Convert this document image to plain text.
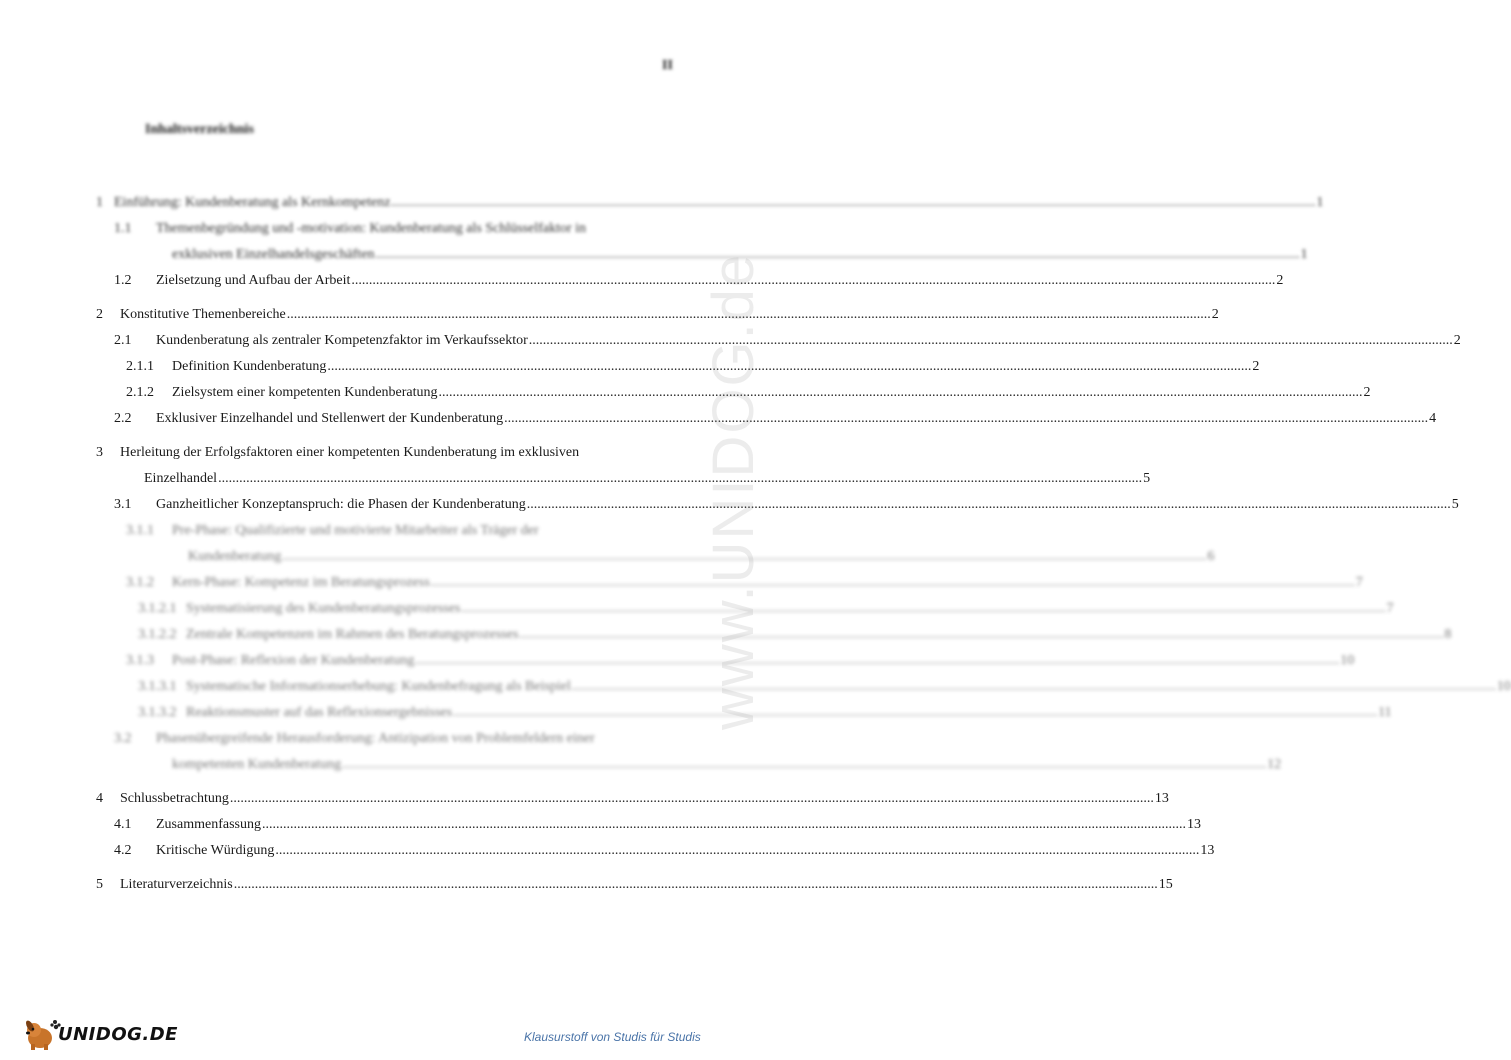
II
Inhaltsverzeichnis
1 Einführung: Kundenberatung als Kernkompetenz .....	1
1.1 Themenbegründung und -motivation: Kundenberatung als Schlüsselfaktor in
exklusiven Einzelhandelsgeschäften .....	1
1.2 Zielsetzung und Aufbau der Arbeit .....	2
2 Konstitutive Themenbereiche .....	2
2.1 Kundenberatung als zentraler Kompetenzfaktor im Verkaufssektor .....	2
2.1.1 Definition Kundenberatung .....	2
2.1.2 Zielsystem einer kompetenten Kundenberatung .....	2
2.2 Exklusiver Einzelhandel und Stellenwert der Kundenberatung .....	4
3 Herleitung der Erfolgsfaktoren einer kompetenten Kundenberatung im exklusiven
Einzelhandel .....	5
3.1 Ganzheitlicher Konzeptanspruch: die Phasen der Kundenberatung .....	5
3.1.1 Pre-Phase: Qualifizierte und motivierte Mitarbeiter als Träger der
Kundenberatung .....	6
3.1.2 Kern-Phase: Kompetenz im Beratungsprozess .....	7
3.1.2.1 Systematisierung des Kundenberatungsprozesses .....	7
3.1.2.2 Zentrale Kompetenzen im Rahmen des Beratungsprozesses .....	8
3.1.3 Post-Phase: Reflexion der Kundenberatung .....	10
3.1.3.1 Systematische Informationserhebung: Kundenbefragung als Beispiel .....	10
3.1.3.2 Reaktionsmuster auf das Reflexionsergebnisses .....	11
3.2 Phasenübergreifende Herausforderung: Antizipation von Problemfeldern einer
kompetenten Kundenberatung .....	12
4 Schlussbetrachtung .....	13
4.1 Zusammenfassung .....	13
4.2 Kritische Würdigung .....	13
5 Literaturverzeichnis .....	15
www.UNIDOG.de
UNIDOG.DE	Klausurstoff von Studis für Studis
